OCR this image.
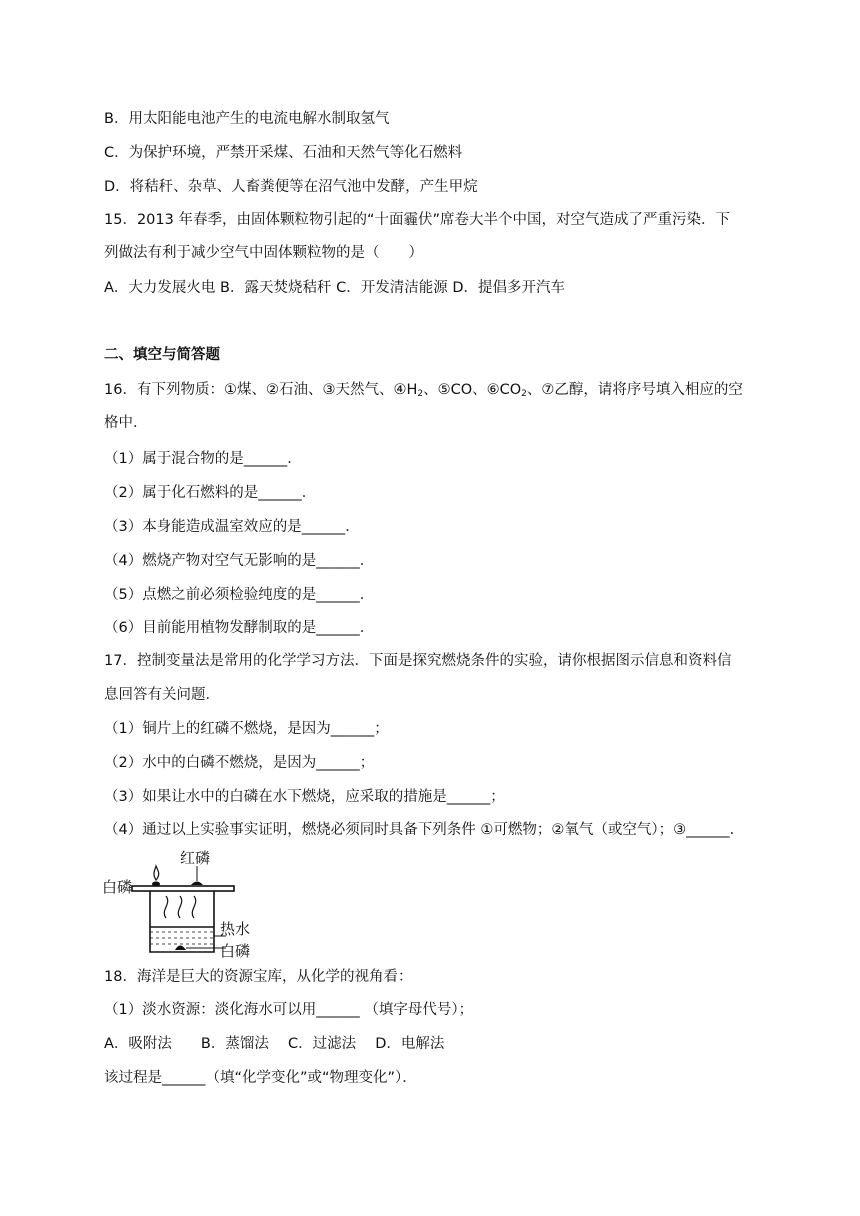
B．用太阳能电池产生的电流电解水制取氢气
C．为保护环境，严禁开采煤、石油和天然气等化石燃料
D．将秸秆、杂草、人畜粪便等在沼气池中发酵，产生甲烷
15．2013 年春季，由固体颗粒物引起的“十面霾伏”席卷大半个中国，对空气造成了严重污染．下
列做法有利于减少空气中固体颗粒物的是（　　）
A．大力发展火电 B．露天焚烧秸秆 C．开发清洁能源 D．提倡多开汽车
二、填空与简答题
16．有下列物质：①煤、②石油、③天然气、$④H_2$、⑤CO、$⑥CO_2$、⑦乙醇，请将序号填入相应的空
格中．
（1）属于混合物的是______．
（2）属于化石燃料的是______．
（3）本身能造成温室效应的是______．
（4）燃烧产物对空气无影响的是______．
（5）点燃之前必须检验纯度的是______．
（6）目前能用植物发酵制取的是______．
17．控制变量法是常用的化学学习方法．下面是探究燃烧条件的实验，请你根据图示信息和资料信
息回答有关问题．
（1）铜片上的红磷不燃烧，是因为______；
（2）水中的白磷不燃烧，是因为______；
（3）如果让水中的白磷在水下燃烧，应采取的措施是______；
（4）通过以上实验事实证明，燃烧必须同时具备下列条件 ①可燃物；②氧气（或空气）；③______．
红磷
白磷
热水
白磷
18．海洋是巨大的资源宝库，从化学的视角看：
（1）淡水资源：淡化海水可以用______ （填字母代号）；
A．吸附法　　B．蒸馏法　 C．过滤法　 D．电解法
该过程是______（填“化学变化”或“物理变化”）．
